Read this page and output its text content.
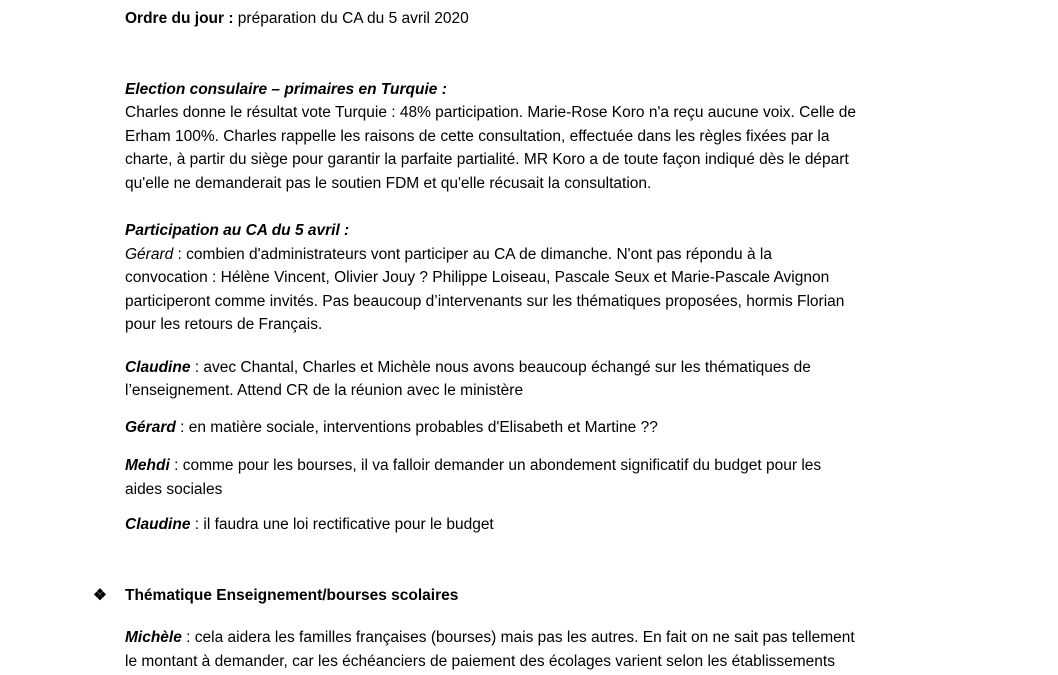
Ordre du jour : préparation du CA du 5 avril 2020

Election consulaire – primaires en Turquie :

Charles donne le résultat vote Turquie : 48% participation. Marie-Rose Koro n'a reçu aucune voix. Celle de Erham 100%. Charles rappelle les raisons de cette consultation, effectuée dans les règles fixées par la charte, à partir du siège pour garantir la parfaite partialité. MR Koro a de toute façon indiqué dès le départ qu'elle ne demanderait pas le soutien FDM et qu'elle récusait la consultation.

Participation au CA du 5 avril :

Gérard : combien d'administrateurs vont participer au CA de dimanche. N'ont pas répondu à la convocation : Hélène Vincent, Olivier Jouy ? Philippe Loiseau, Pascale Seux et Marie-Pascale Avignon participeront comme invités. Pas beaucoup d’intervenants sur les thématiques proposées, hormis Florian pour les retours de Français.

Claudine : avec Chantal, Charles et Michèle nous avons beaucoup échangé sur les thématiques de l’enseignement. Attend CR de la réunion avec le ministère

Gérard : en matière sociale, interventions probables d'Elisabeth et Martine ??

Mehdi : comme pour les bourses, il va falloir demander un abondement significatif du budget pour les aides sociales

Claudine : il faudra une loi rectificative pour le budget

❖ Thématique Enseignement/bourses scolaires

Michèle : cela aidera les familles françaises (bourses) mais pas les autres. En fait on ne sait pas tellement le montant à demander, car les échéanciers de paiement des écolages varient selon les établissements
